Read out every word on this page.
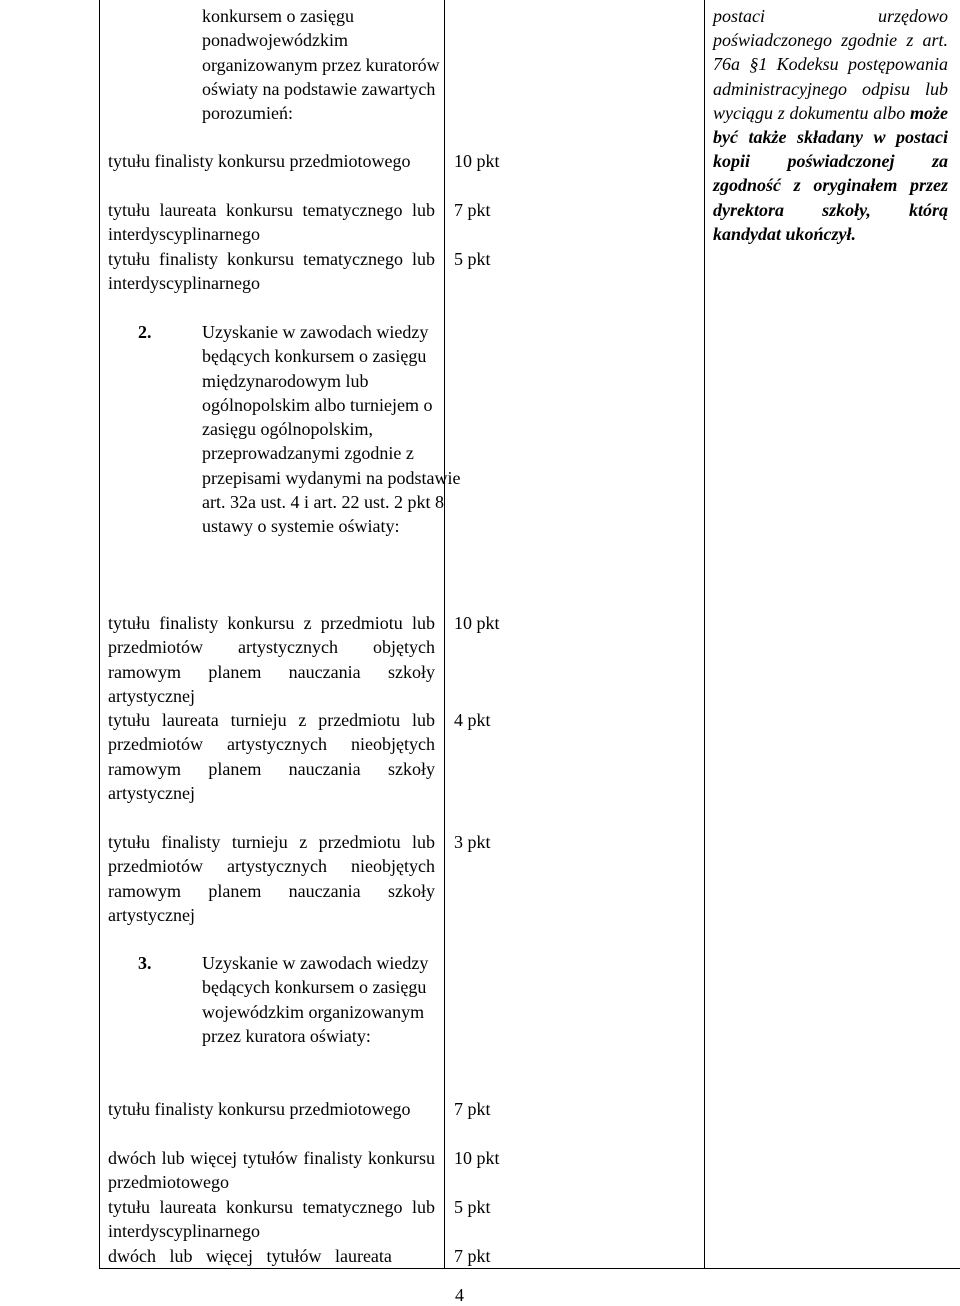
konkursem o zasięgu ponadwojewódzkim organizowanym przez kuratorów oświaty na podstawie zawartych porozumień:
tytułu finalisty konkursu przedmiotowego
tytułu laureata konkursu tematycznego lub interdyscyplinarnego
tytułu finalisty konkursu tematycznego lub interdyscyplinarnego
2.	Uzyskanie w zawodach wiedzy będących konkursem o zasięgu międzynarodowym lub ogólnopolskim albo turniejem o zasięgu ogólnopolskim, przeprowadzanymi zgodnie z przepisami wydanymi na podstawie art. 32a ust. 4 i art. 22 ust. 2 pkt 8 ustawy o systemie oświaty:
tytułu finalisty konkursu z przedmiotu lub przedmiotów artystycznych objętych ramowym planem nauczania szkoły artystycznej
tytułu laureata turnieju z przedmiotu lub przedmiotów artystycznych nieobjętych ramowym planem nauczania szkoły artystycznej
tytułu finalisty turnieju z przedmiotu lub przedmiotów artystycznych nieobjętych ramowym planem nauczania szkoły artystycznej
3.	Uzyskanie w zawodach wiedzy będących konkursem o zasięgu wojewódzkim organizowanym przez kuratora oświaty:
tytułu finalisty konkursu przedmiotowego
dwóch lub więcej tytułów finalisty konkursu przedmiotowego
tytułu laureata konkursu tematycznego lub interdyscyplinarnego
dwóch lub więcej tytułów laureata
10 pkt
7 pkt
5 pkt
10 pkt
4 pkt
3 pkt
7 pkt
10 pkt
5 pkt
7 pkt
postaci urzędowo poświadczonego zgodnie z art. 76a §1 Kodeksu postępowania administracyjnego odpisu lub wyciągu z dokumentu albo może być także składany w postaci kopii poświadczonej za zgodność z oryginałem przez dyrektora szkoły, którą kandydat ukończył.
4
